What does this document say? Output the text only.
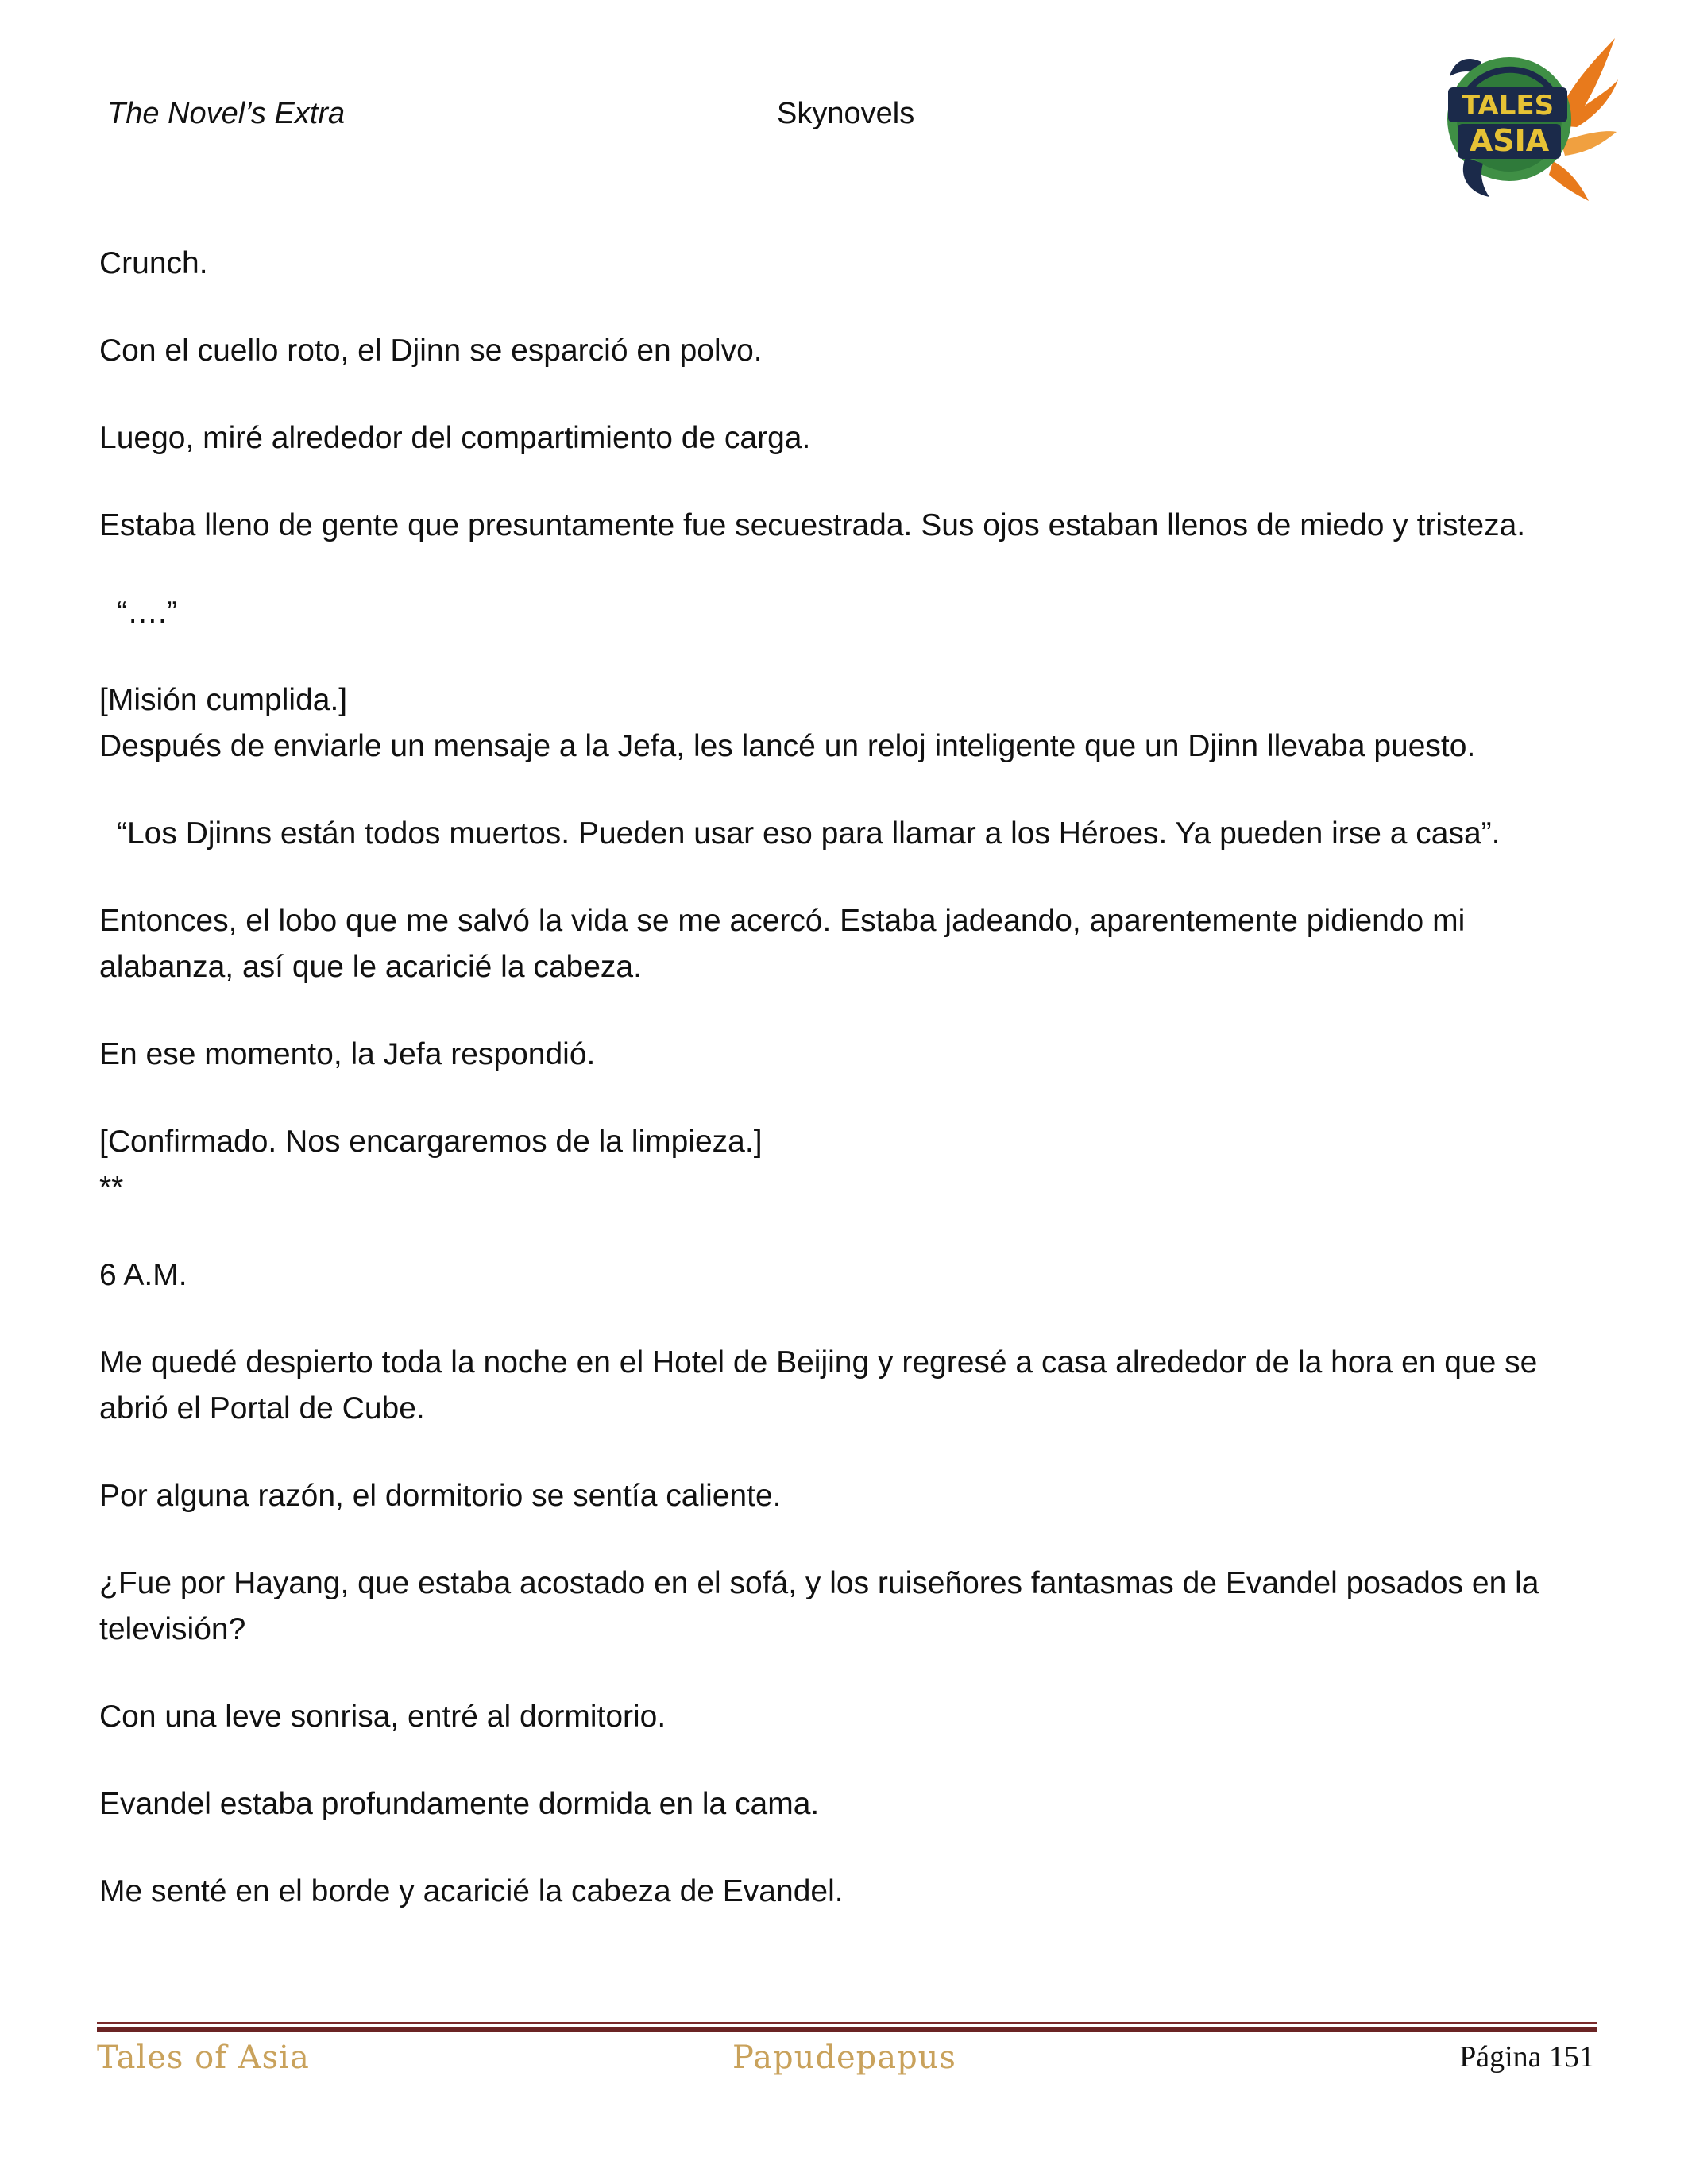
The Novel’s Extra	Skynovels	TALES
ASIA

Crunch.

Con el cuello roto, el Djinn se esparció en polvo.

Luego, miré alrededor del compartimiento de carga.

Estaba lleno de gente que presuntamente fue secuestrada. Sus ojos estaban llenos de miedo y tristeza.

“….”

[Misión cumplida.]

Después de enviarle un mensaje a la Jefa, les lancé un reloj inteligente que un Djinn llevaba puesto.

“Los Djinns están todos muertos. Pueden usar eso para llamar a los Héroes. Ya pueden irse a casa”.

Entonces, el lobo que me salvó la vida se me acercó. Estaba jadeando, aparentemente pidiendo mi alabanza, así que le acaricié la cabeza.

En ese momento, la Jefa respondió.

[Confirmado. Nos encargaremos de la limpieza.]

**

6 A.M.

Me quedé despierto toda la noche en el Hotel de Beijing y regresé a casa alrededor de la hora en que se abrió el Portal de Cube.

Por alguna razón, el dormitorio se sentía caliente.

¿Fue por Hayang, que estaba acostado en el sofá, y los ruiseñores fantasmas de Evandel posados en la televisión?

Con una leve sonrisa, entré al dormitorio.

Evandel estaba profundamente dormida en la cama.

Me senté en el borde y acaricié la cabeza de Evandel.

Tales of Asia	Papudepapus	Página 151
